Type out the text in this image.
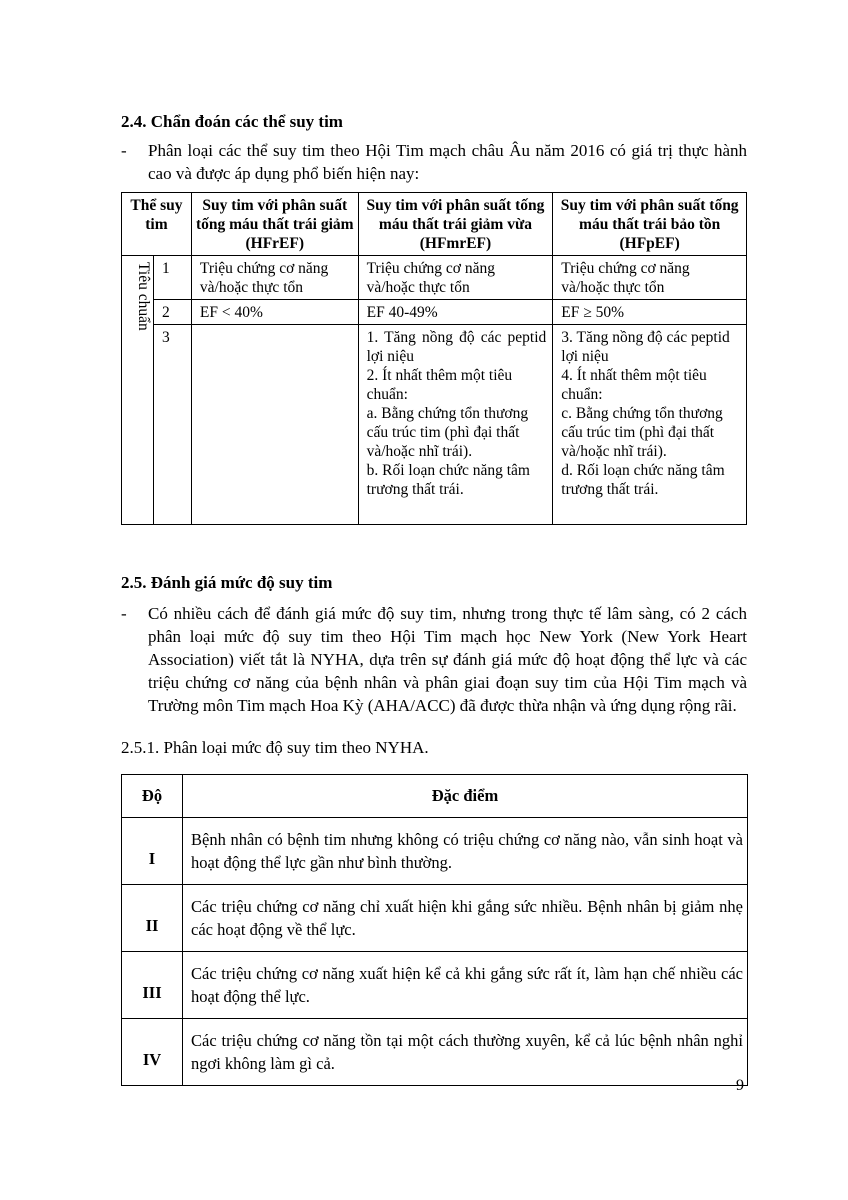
2.4. Chẩn đoán các thể suy tim
- Phân loại các thể suy tim theo Hội Tim mạch châu Âu năm 2016 có giá trị thực hành cao và được áp dụng phổ biến hiện nay:
Thể suy tim		Suy tim với phân suất tống máu thất trái giảm (HFrEF)	Suy tim với phân suất tống máu thất trái giảm vừa (HFmrEF)	Suy tim với phân suất tống máu thất trái bảo tồn (HFpEF)
Tiêu chuẩn	1	Triệu chứng cơ năng và/hoặc thực tổn	Triệu chứng cơ năng và/hoặc thực tổn	Triệu chứng cơ năng và/hoặc thực tổn
	2	EF < 40%	EF 40-49%	EF ≥ 50%
	3		1. Tăng nồng độ các peptid lợi niệu
2. Ít nhất thêm một tiêu chuẩn:
a. Bằng chứng tổn thương cấu trúc tim (phì đại thất và/hoặc nhĩ trái).
b. Rối loạn chức năng tâm trương thất trái.	3. Tăng nồng độ các peptid lợi niệu
4. Ít nhất thêm một tiêu chuẩn:
c. Bằng chứng tổn thương cấu trúc tim (phì đại thất và/hoặc nhĩ trái).
d. Rối loạn chức năng tâm trương thất trái.
2.5. Đánh giá mức độ suy tim
- Có nhiều cách để đánh giá mức độ suy tim, nhưng trong thực tế lâm sàng, có 2 cách phân loại mức độ suy tim theo Hội Tim mạch học New York (New York Heart Association) viết tắt là NYHA, dựa trên sự đánh giá mức độ hoạt động thể lực và các triệu chứng cơ năng của bệnh nhân và phân giai đoạn suy tim của Hội Tim mạch và Trường môn Tim mạch Hoa Kỳ (AHA/ACC) đã được thừa nhận và ứng dụng rộng rãi.
2.5.1. Phân loại mức độ suy tim theo NYHA.
Độ	Đặc điểm
I	Bệnh nhân có bệnh tim nhưng không có triệu chứng cơ năng nào, vẫn sinh hoạt và hoạt động thể lực gần như bình thường.
II	Các triệu chứng cơ năng chỉ xuất hiện khi gắng sức nhiều. Bệnh nhân bị giảm nhẹ các hoạt động về thể lực.
III	Các triệu chứng cơ năng xuất hiện kể cả khi gắng sức rất ít, làm hạn chế nhiều các hoạt động thể lực.
IV	Các triệu chứng cơ năng tồn tại một cách thường xuyên, kể cả lúc bệnh nhân nghỉ ngơi không làm gì cả.
9
